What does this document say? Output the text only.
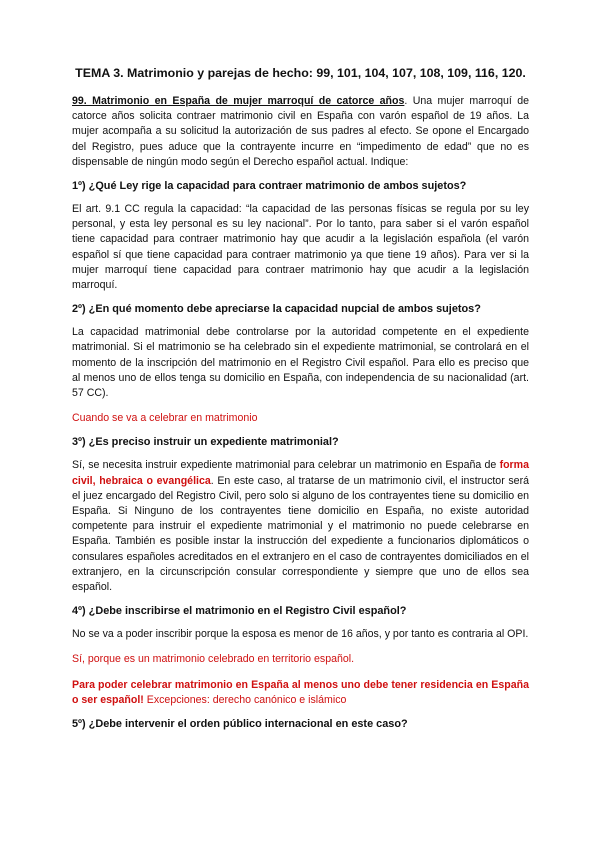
TEMA 3. Matrimonio y parejas de hecho: 99, 101, 104, 107, 108, 109, 116, 120.

99. Matrimonio en España de mujer marroquí de catorce años. Una mujer marroquí de catorce años solicita contraer matrimonio civil en España con varón español de 19 años. La mujer acompaña a su solicitud la autorización de sus padres al efecto. Se opone el Encargado del Registro, pues aduce que la contrayente incurre en “impedimento de edad” que no es dispensable de ningún modo según el Derecho español actual. Indique:

1º) ¿Qué Ley rige la capacidad para contraer matrimonio de ambos sujetos?

El art. 9.1 CC regula la capacidad: “la capacidad de las personas físicas se regula por su ley personal, y esta ley personal es su ley nacional”. Por lo tanto, para saber si el varón español tiene capacidad para contraer matrimonio hay que acudir a la legislación española (el varón español sí que tiene capacidad para contraer matrimonio ya que tiene 19 años). Para ver si la mujer marroquí tiene capacidad para contraer matrimonio hay que acudir a la legislación marroquí.

2º) ¿En qué momento debe apreciarse la capacidad nupcial de ambos sujetos?

La capacidad matrimonial debe controlarse por la autoridad competente en el expediente matrimonial. Si el matrimonio se ha celebrado sin el expediente matrimonial, se controlará en el momento de la inscripción del matrimonio en el Registro Civil español. Para ello es preciso que al menos uno de ellos tenga su domicilio en España, con independencia de su nacionalidad (art. 57 CC).

Cuando se va a celebrar en matrimonio

3º) ¿Es preciso instruir un expediente matrimonial?

Sí, se necesita instruir expediente matrimonial para celebrar un matrimonio en España de forma civil, hebraica o evangélica. En este caso, al tratarse de un matrimonio civil, el instructor será el juez encargado del Registro Civil, pero solo si alguno de los contrayentes tiene su domicilio en España. Si Ninguno de los contrayentes tiene domicilio en España, no existe autoridad competente para instruir el expediente matrimonial y el matrimonio no puede celebrarse en España. También es posible instar la instrucción del expediente a funcionarios diplomáticos o consulares españoles acreditados en el extranjero en el caso de contrayentes domiciliados en el extranjero, en la circunscripción consular correspondiente y siempre que uno de ellos sea español.

4º) ¿Debe inscribirse el matrimonio en el Registro Civil español?

No se va a poder inscribir porque la esposa es menor de 16 años, y por tanto es contraria al OPI.

Sí, porque es un matrimonio celebrado en territorio español.

Para poder celebrar matrimonio en España al menos uno debe tener residencia en España o ser español! Excepciones: derecho canónico e islámico

5º) ¿Debe intervenir el orden público internacional en este caso?
